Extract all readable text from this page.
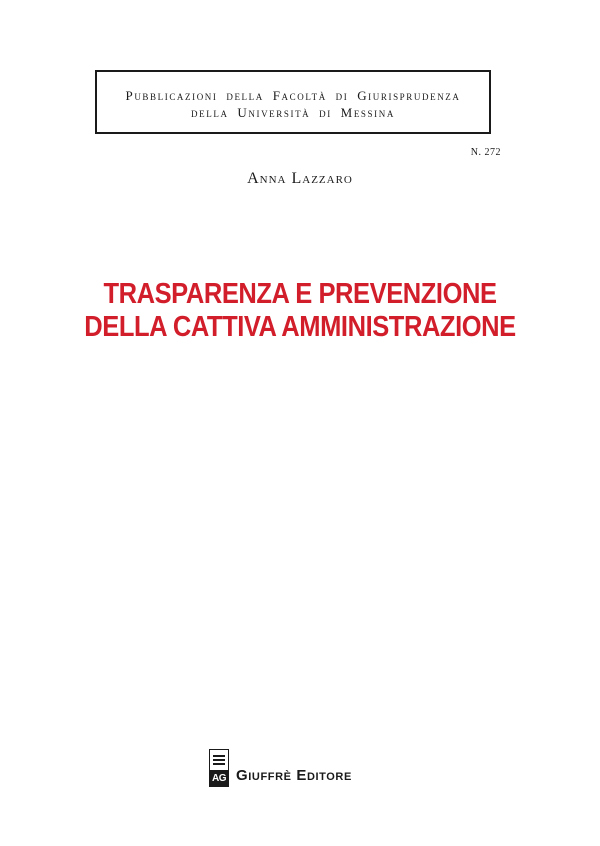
Pubblicazioni della Facoltà di Giurisprudenza
della Università di Messina
N. 272
Anna Lazzaro
TRASPARENZA E PREVENZIONE
DELLA CATTIVA AMMINISTRAZIONE
AG Giuffrè Editore
